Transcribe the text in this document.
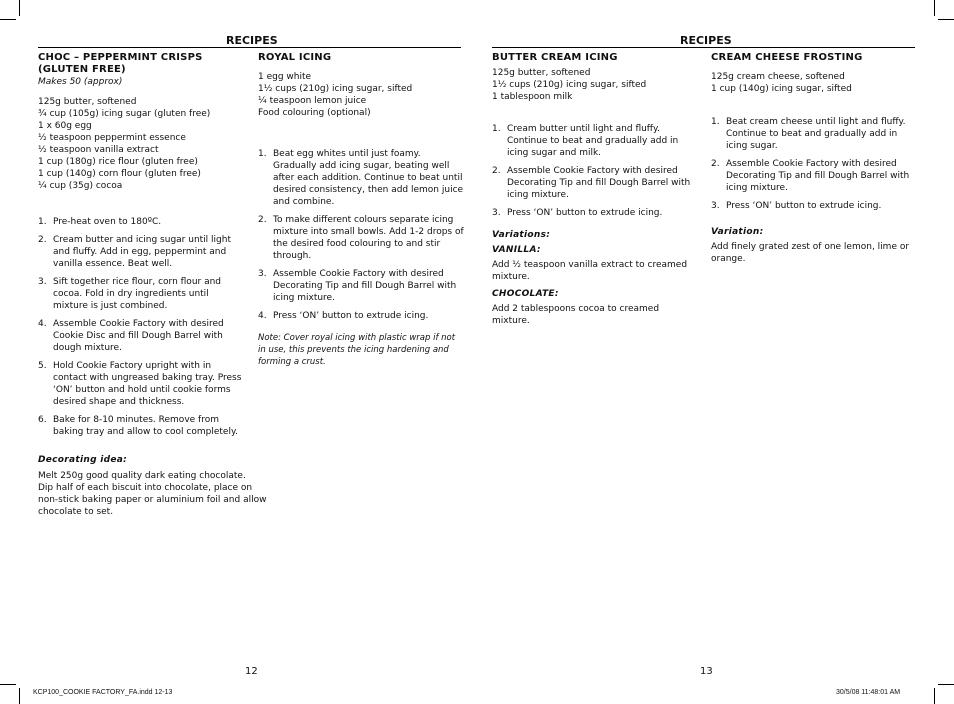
RECIPES	RECIPES
CHOC – PEPPERMINT CRISPS
(GLUTEN FREE)
Makes 50 (approx)
125g butter, softened
¾ cup (105g) icing sugar (gluten free)
1 x 60g egg
½ teaspoon peppermint essence
½ teaspoon vanilla extract
1 cup (180g) rice flour (gluten free)
1 cup (140g) corn flour (gluten free)
¼ cup (35g) cocoa
1. Pre-heat oven to 180ºC.
2. Cream butter and icing sugar until light and fluffy. Add in egg, peppermint and vanilla essence. Beat well.
3. Sift together rice flour, corn flour and cocoa. Fold in dry ingredients until mixture is just combined.
4. Assemble Cookie Factory with desired Cookie Disc and fill Dough Barrel with dough mixture.
5. Hold Cookie Factory upright with in contact with ungreased baking tray. Press ‘ON’ button and hold until cookie forms desired shape and thickness.
6. Bake for 8-10 minutes. Remove from baking tray and allow to cool completely.
Decorating idea:
Melt 250g good quality dark eating chocolate.
Dip half of each biscuit into chocolate, place on
non-stick baking paper or aluminium foil and allow
chocolate to set.
ROYAL ICING
1 egg white
1½ cups (210g) icing sugar, sifted
¼ teaspoon lemon juice
Food colouring (optional)
1. Beat egg whites until just foamy. Gradually add icing sugar, beating well after each addition. Continue to beat until desired consistency, then add lemon juice and combine.
2. To make different colours separate icing mixture into small bowls. Add 1-2 drops of the desired food colouring to and stir through.
3. Assemble Cookie Factory with desired Decorating Tip and fill Dough Barrel with icing mixture.
4. Press ‘ON’ button to extrude icing.
Note: Cover royal icing with plastic wrap if not in use, this prevents the icing hardening and forming a crust.
BUTTER CREAM ICING
125g butter, softened
1½ cups (210g) icing sugar, sifted
1 tablespoon milk
1. Cream butter until light and fluffy. Continue to beat and gradually add in icing sugar and milk.
2. Assemble Cookie Factory with desired Decorating Tip and fill Dough Barrel with icing mixture.
3. Press ‘ON’ button to extrude icing.
Variations:
VANILLA:
Add ½ teaspoon vanilla extract to creamed mixture.
CHOCOLATE:
Add 2 tablespoons cocoa to creamed mixture.
CREAM CHEESE FROSTING
125g cream cheese, softened
1 cup (140g) icing sugar, sifted
1. Beat cream cheese until light and fluffy. Continue to beat and gradually add in icing sugar.
2. Assemble Cookie Factory with desired Decorating Tip and fill Dough Barrel with icing mixture.
3. Press ‘ON’ button to extrude icing.
Variation:
Add finely grated zest of one lemon, lime or orange.
12	13
KCP100_COOKIE FACTORY_FA.indd 12-13	30/5/08 11:48:01 AM
